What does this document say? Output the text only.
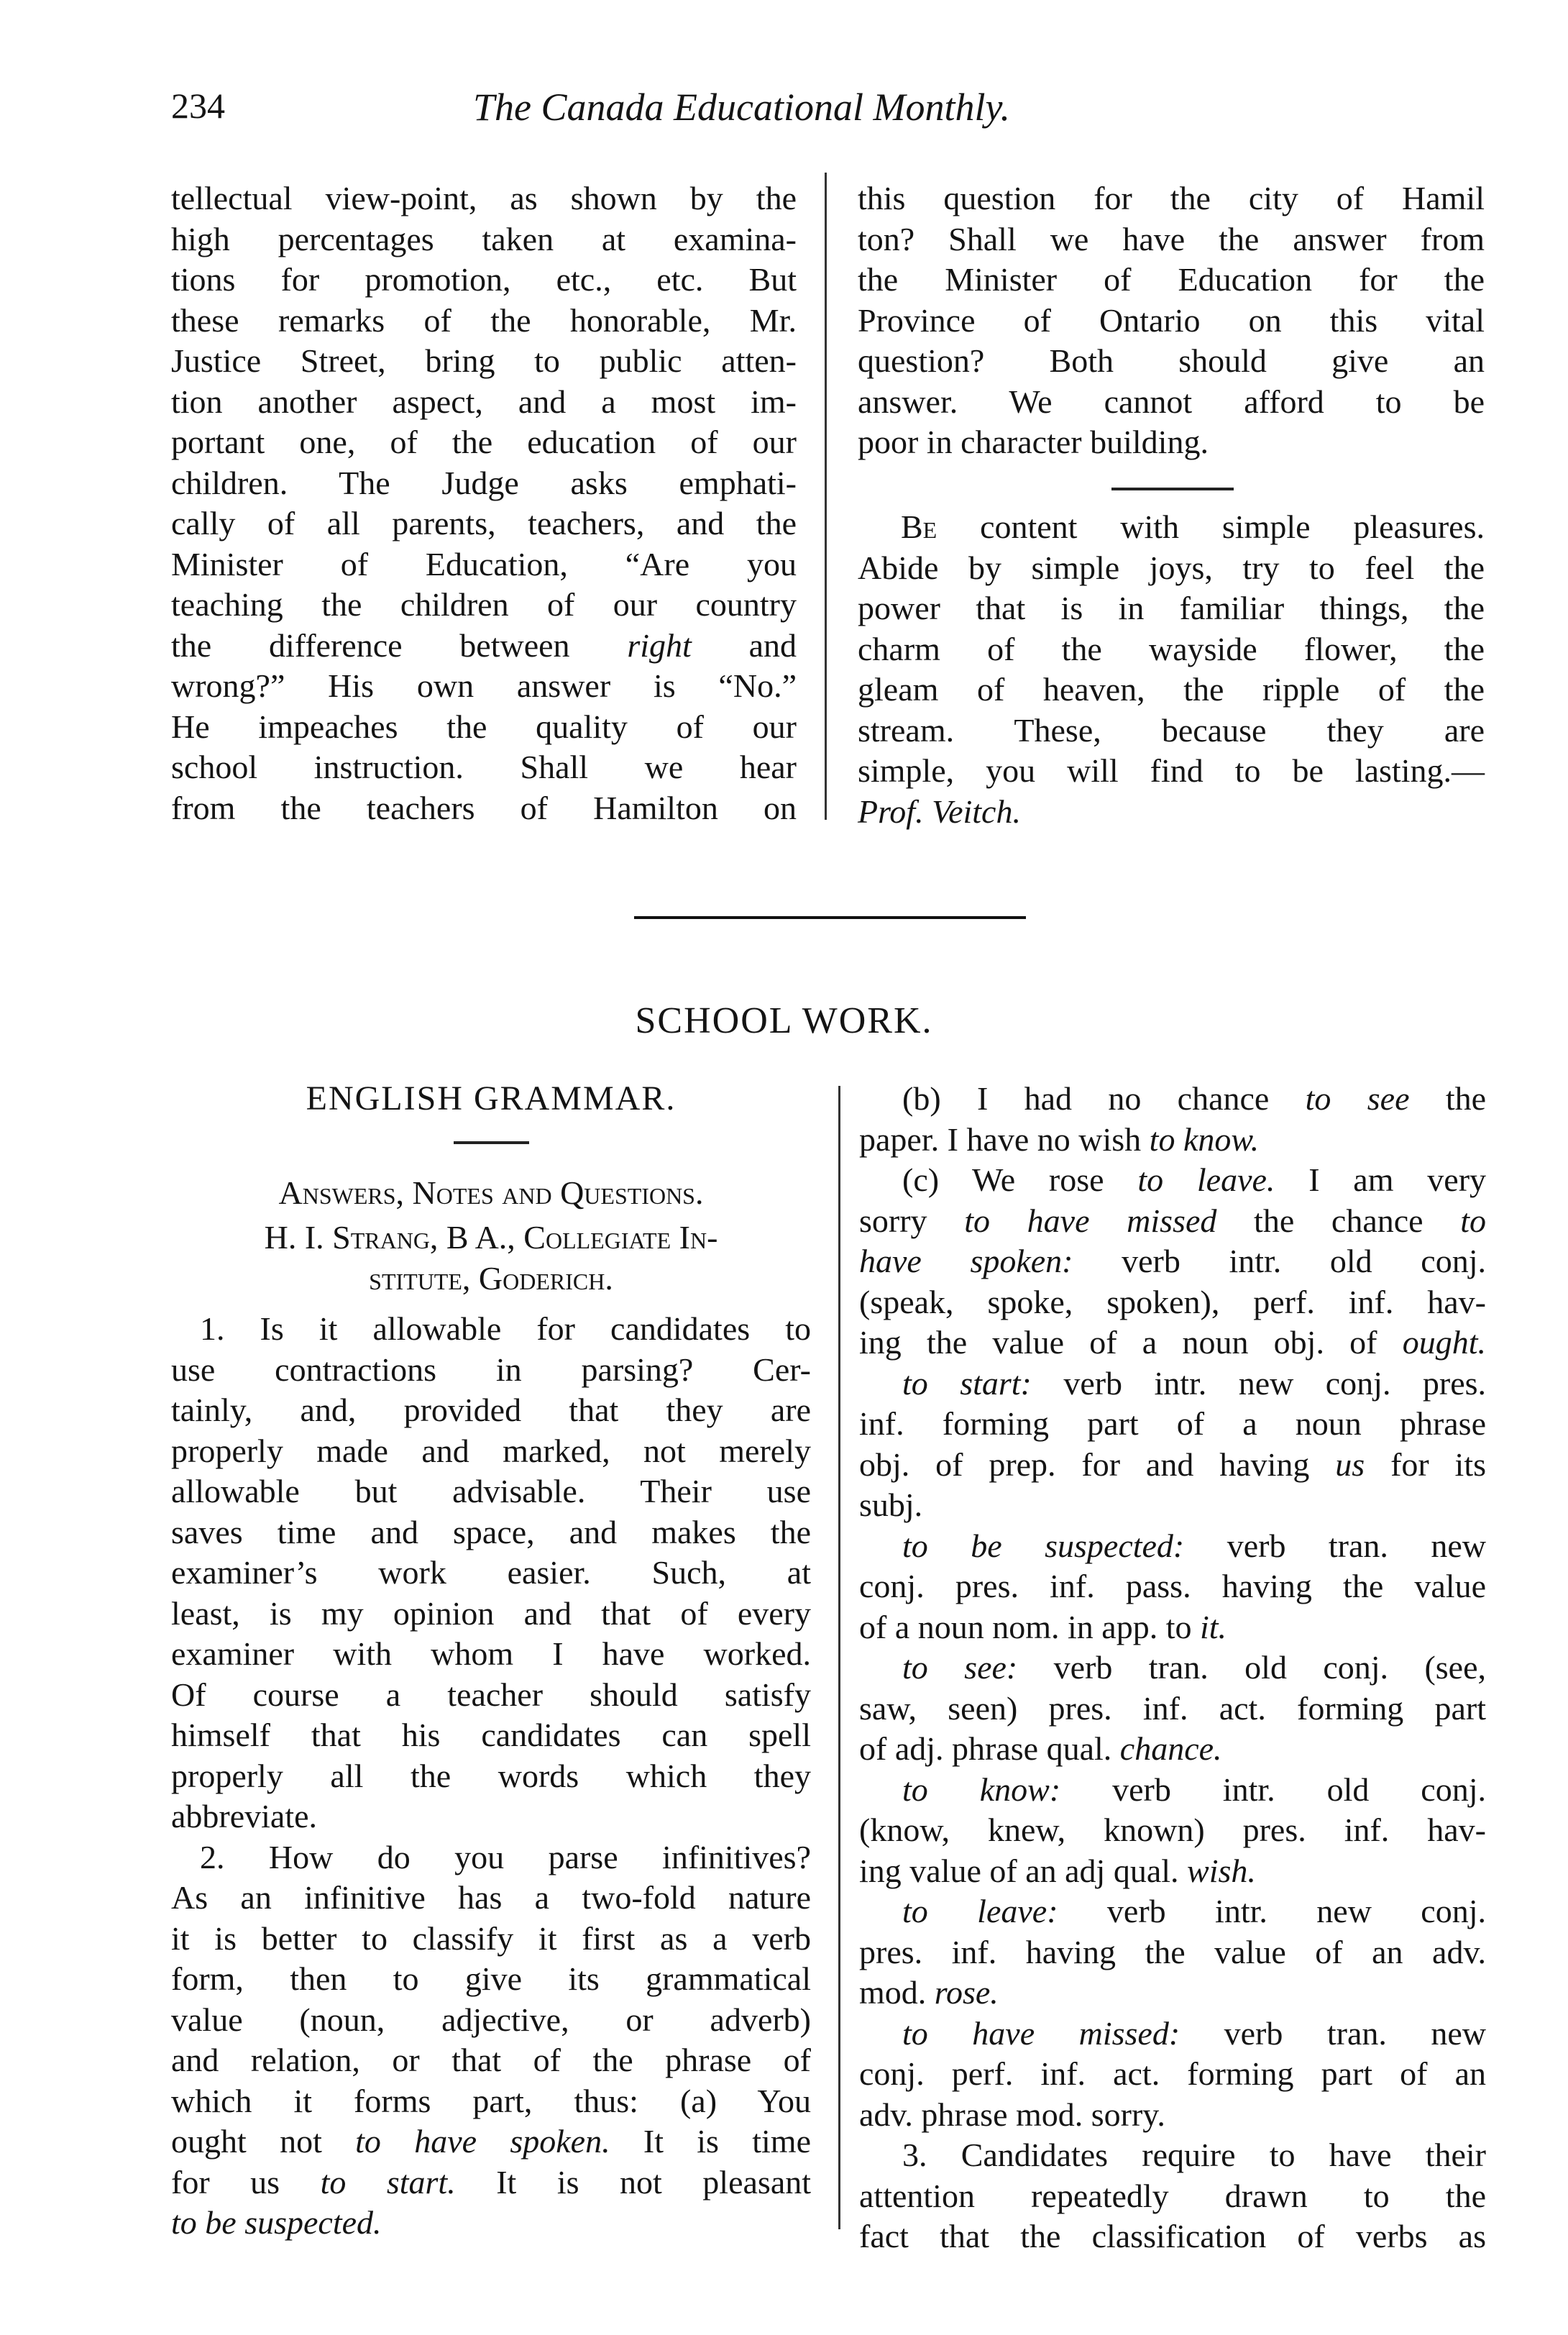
234	The Canada Educational Monthly.
tellectual view-point, as shown by the
high percentages taken at examina-
tions for promotion, etc., etc. But
these remarks of the honorable, Mr.
Justice Street, bring to public atten-
tion another aspect, and a most im-
portant one, of the education of our
children. The Judge asks emphati-
cally of all parents, teachers, and the
Minister of Education, “Are you
teaching the children of our country
the difference between right and
wrong?” His own answer is “No.”
He impeaches the quality of our
school instruction. Shall we hear
from the teachers of Hamilton on
this question for the city of Hamil
ton? Shall we have the answer from
the Minister of Education for the
Province of Ontario on this vital
question? Both should give an
answer. We cannot afford to be
poor in character building.
Be content with simple pleasures.
Abide by simple joys, try to feel the
power that is in familiar things, the
charm of the wayside flower, the
gleam of heaven, the ripple of the
stream. These, because they are
simple, you will find to be lasting.—
Prof. Veitch.
SCHOOL WORK.
ENGLISH GRAMMAR.
Answers, Notes and Questions.
H. I. Strang, B A., Collegiate In-
stitute, Goderich.
1. Is it allowable for candidates to
use contractions in parsing? Cer-
tainly, and, provided that they are
properly made and marked, not merely
allowable but advisable. Their use
saves time and space, and makes the
examiner’s work easier. Such, at
least, is my opinion and that of every
examiner with whom I have worked.
Of course a teacher should satisfy
himself that his candidates can spell
properly all the words which they
abbreviate.
2. How do you parse infinitives?
As an infinitive has a two-fold nature
it is better to classify it first as a verb
form, then to give its grammatical
value (noun, adjective, or adverb)
and relation, or that of the phrase of
which it forms part, thus: (a) You
ought not to have spoken. It is time
for us to start. It is not pleasant
to be suspected.
(b) I had no chance to see the
paper. I have no wish to know.
(c) We rose to leave. I am very
sorry to have missed the chance to
have spoken: verb intr. old conj.
(speak, spoke, spoken), perf. inf. hav-
ing the value of a noun obj. of ought.
to start: verb intr. new conj. pres.
inf. forming part of a noun phrase
obj. of prep. for and having us for its
subj.
to be suspected: verb tran. new
conj. pres. inf. pass. having the value
of a noun nom. in app. to it.
to see: verb tran. old conj. (see,
saw, seen) pres. inf. act. forming part
of adj. phrase qual. chance.
to know: verb intr. old conj.
(know, knew, known) pres. inf. hav-
ing value of an adj qual. wish.
to leave: verb intr. new conj.
pres. inf. having the value of an adv.
mod. rose.
to have missed: verb tran. new
conj. perf. inf. act. forming part of an
adv. phrase mod. sorry.
3. Candidates require to have their
attention repeatedly drawn to the
fact that the classification of verbs as
